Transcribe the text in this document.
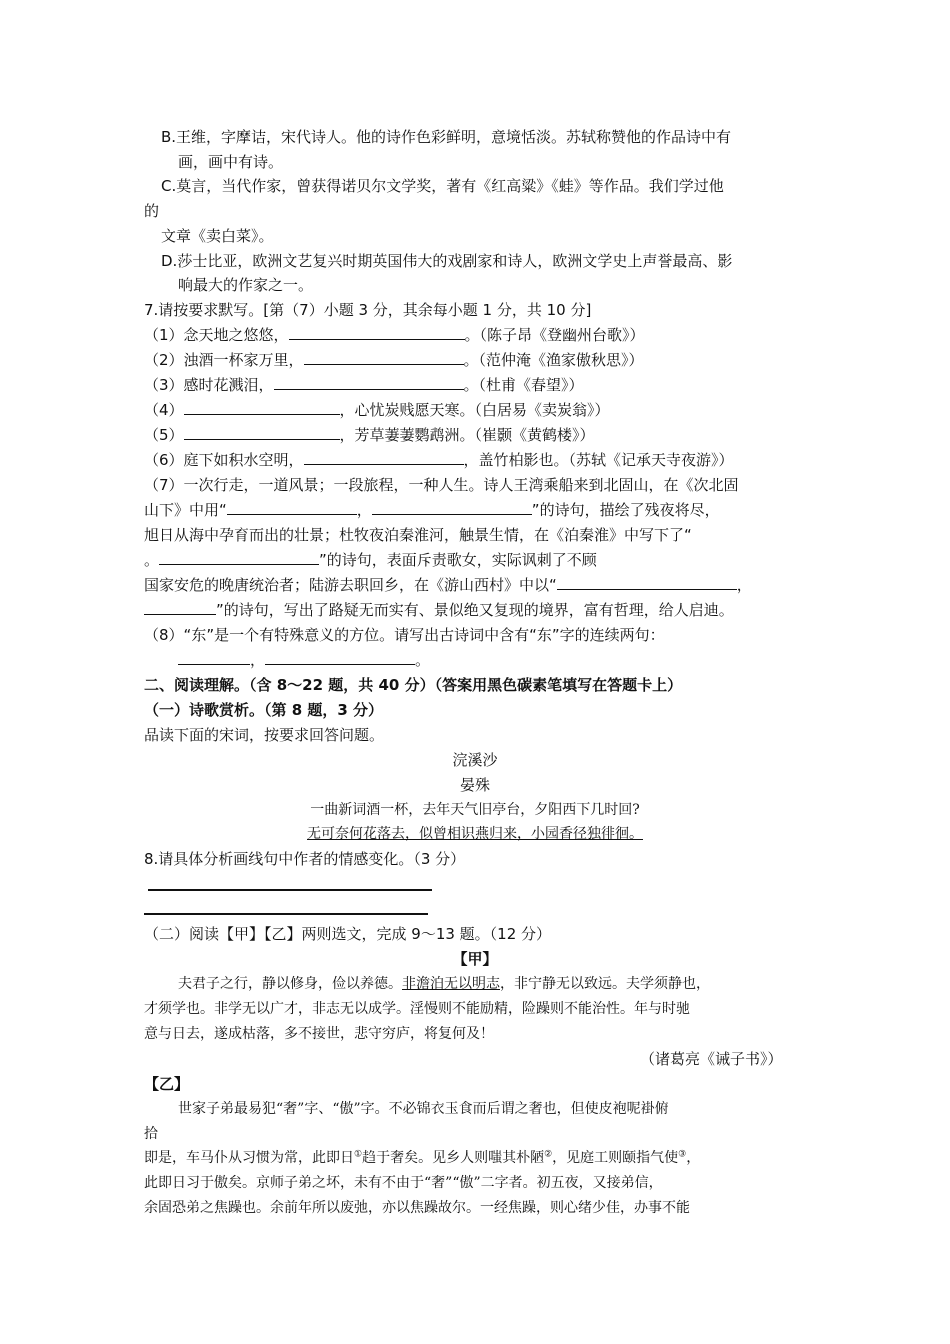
B.王维，字摩诘，宋代诗人。他的诗作色彩鲜明，意境恬淡。苏轼称赞他的作品诗中有
画，画中有诗。
C.莫言，当代作家，曾获得诺贝尔文学奖，著有《红高粱》《蛙》等作品。我们学过他
的
文章《卖白菜》。
D.莎士比亚，欧洲文艺复兴时期英国伟大的戏剧家和诗人，欧洲文学史上声誉最高、影
响最大的作家之一。
7.请按要求默写。[第（7）小题 3 分，其余每小题 1 分，共 10 分]
（1）念天地之悠悠，	。（陈子昂《登幽州台歌》）
（2）浊酒一杯家万里，	。（范仲淹《渔家傲秋思》）
（3）感时花溅泪，	。（杜甫《春望》）
（4）	，心忧炭贱愿天寒。（白居易《卖炭翁》）
（5）	，芳草萋萋鹦鹉洲。（崔颢《黄鹤楼》）
（6）庭下如积水空明，	，盖竹柏影也。（苏轼《记承天寺夜游》）
（7）一次行走，一道风景；一段旅程，一种人生。诗人王湾乘船来到北固山，在《次北固
山下》中用“	，	”的诗句，描绘了残夜将尽，
旭日从海中孕育而出的壮景；杜牧夜泊秦淮河，触景生情，在《泊秦淮》中写下了“
。	”的诗句，表面斥责歌女，实际讽刺了不顾
国家安危的晚唐统治者；陆游去职回乡，在《游山西村》中以“	，
”的诗句，写出了路疑无而实有、景似绝又复现的境界，富有哲理，给人启迪。
（8）“东”是一个有特殊意义的方位。请写出古诗词中含有“东”字的连续两句：
，	。
二、阅读理解。（含 8～22 题，共 40 分）（答案用黑色碳素笔填写在答题卡上）
（一）诗歌赏析。（第 8 题，3 分）
品读下面的宋词，按要求回答问题。
浣溪沙
晏殊
一曲新词酒一杯，去年天气旧亭台，夕阳西下几时回?
无可奈何花落去，似曾相识燕归来，小园香径独徘徊。
8.请具体分析画线句中作者的情感变化。（3 分）
（二）阅读【甲】【乙】两则选文，完成 9～13 题。（12 分）
【甲】
夫君子之行，静以修身，俭以养德。非澹泊无以明志，非宁静无以致远。夫学须静也，
才须学也。非学无以广才，非志无以成学。淫慢则不能励精，险躁则不能治性。年与时驰
意与日去，遂成枯落，多不接世，悲守穷庐，将复何及！
（诸葛亮《诫子书》）
【乙】
世家子弟最易犯“奢”字、“傲”字。不必锦衣玉食而后谓之奢也，但使皮袍呢褂俯
拾
即是，车马仆从习惯为常，此即日①趋于奢矣。见乡人则嗤其朴陋②，见庭工则颐指气使③，
此即日习于傲矣。京师子弟之坏，未有不由于“奢”“傲”二字者。初五夜，又接弟信，
余固恐弟之焦躁也。余前年所以废弛，亦以焦躁故尔。一经焦躁，则心绪少佳，办事不能
